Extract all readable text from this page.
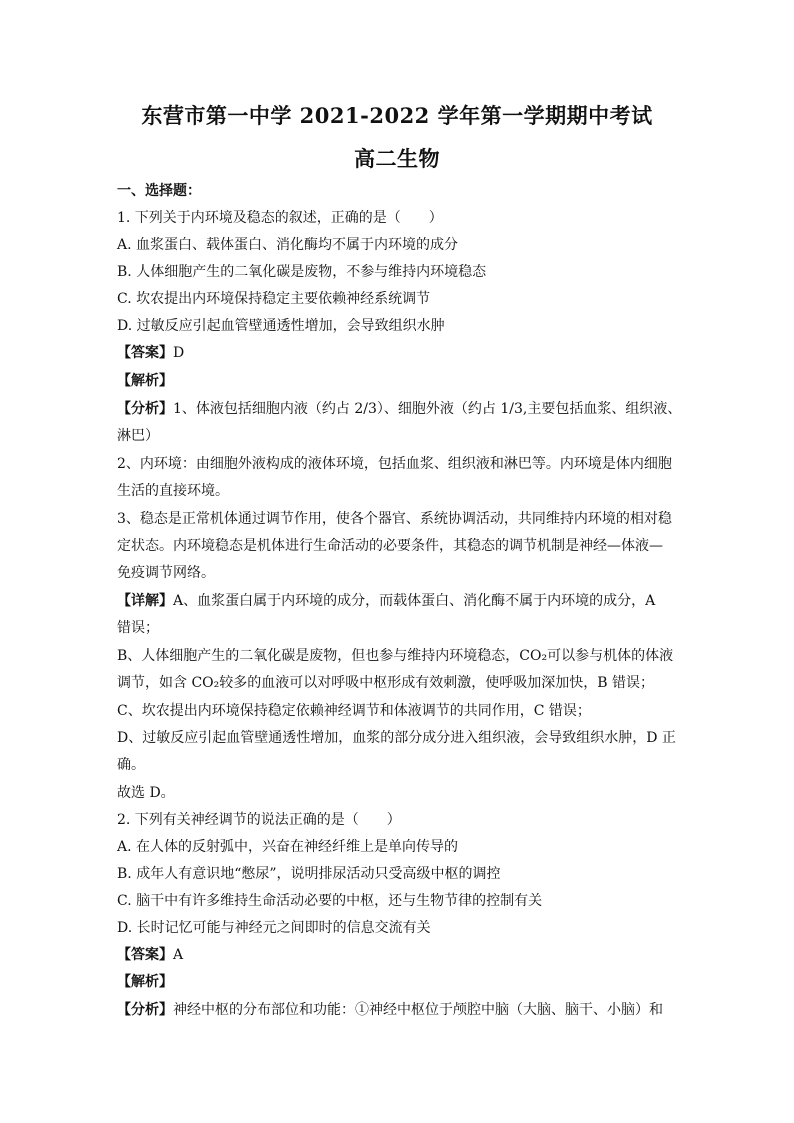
东营市第一中学 2021-2022 学年第一学期期中考试
高二生物
一、选择题：
1. 下列关于内环境及稳态的叙述，正确的是（　　）
A. 血浆蛋白、载体蛋白、消化酶均不属于内环境的成分
B. 人体细胞产生的二氧化碳是废物，不参与维持内环境稳态
C. 坎农提出内环境保持稳定主要依赖神经系统调节
D. 过敏反应引起血管壁通透性增加，会导致组织水肿
【答案】D
【解析】
【分析】1、体液包括细胞内液（约占 2/3）、细胞外液（约占 1/3,主要包括血浆、组织液、
淋巴）
2、内环境：由细胞外液构成的液体环境，包括血浆、组织液和淋巴等。内环境是体内细胞
生活的直接环境。
3、稳态是正常机体通过调节作用，使各个器官、系统协调活动，共同维持内环境的相对稳
定状态。内环境稳态是机体进行生命活动的必要条件，其稳态的调节机制是神经—体液—
免疫调节网络。
【详解】A、血浆蛋白属于内环境的成分，而载体蛋白、消化酶不属于内环境的成分，A
错误；
B、人体细胞产生的二氧化碳是废物，但也参与维持内环境稳态，CO₂可以参与机体的体液
调节，如含 CO₂较多的血液可以对呼吸中枢形成有效刺激，使呼吸加深加快，B 错误；
C、坎农提出内环境保持稳定依赖神经调节和体液调节的共同作用，C 错误；
D、过敏反应引起血管壁通透性增加，血浆的部分成分进入组织液，会导致组织水肿，D 正
确。
故选 D。
2. 下列有关神经调节的说法正确的是（　　）
A. 在人体的反射弧中，兴奋在神经纤维上是单向传导的
B. 成年人有意识地“憋尿”，说明排尿活动只受高级中枢的调控
C. 脑干中有许多维持生命活动必要的中枢，还与生物节律的控制有关
D. 长时记忆可能与神经元之间即时的信息交流有关
【答案】A
【解析】
【分析】神经中枢的分布部位和功能：①神经中枢位于颅腔中脑（大脑、脑干、小脑）和
